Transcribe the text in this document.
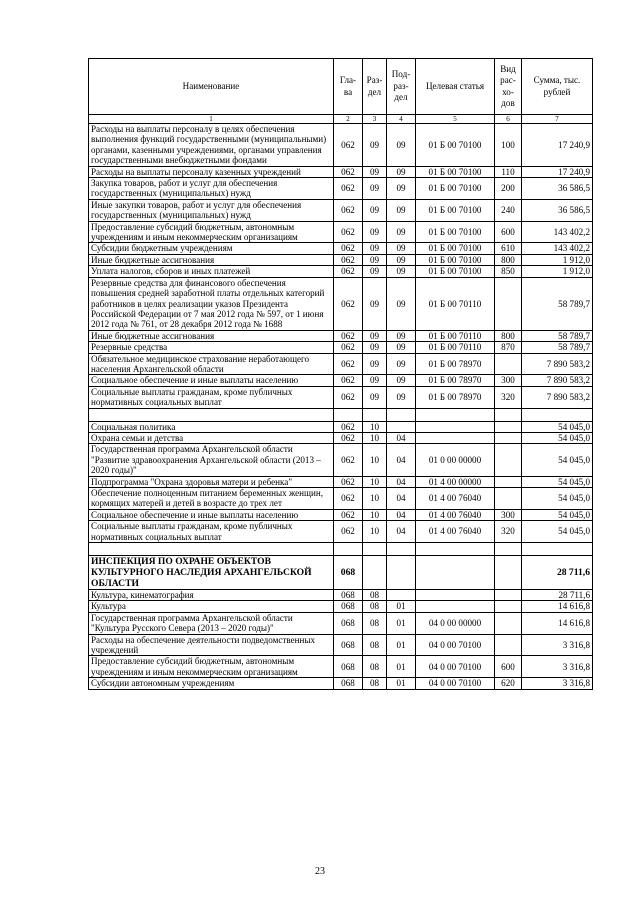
Наименование	Гла-ва	Раз-дел	Под-раз-дел	Целевая статья	Вид рас-хо-дов	Сумма, тыс. рублей
1	2	3	4	5	6	7
Расходы на выплаты персоналу в целях обеспечения выполнения функций государственными (муниципальными) органами, казенными учреждениями, органами управления государственными внебюджетными фондами	062	09	09	01 Б 00 70100	100	17 240,9
Расходы на выплаты персоналу казенных учреждений	062	09	09	01 Б 00 70100	110	17 240,9
Закупка товаров, работ и услуг для обеспечения государственных (муниципальных) нужд	062	09	09	01 Б 00 70100	200	36 586,5
Иные закупки товаров, работ и услуг для обеспечения государственных (муниципальных) нужд	062	09	09	01 Б 00 70100	240	36 586,5
Предоставление субсидий бюджетным, автономным учреждениям и иным некоммерческим организациям	062	09	09	01 Б 00 70100	600	143 402,2
Субсидии бюджетным учреждениям	062	09	09	01 Б 00 70100	610	143 402,2
Иные бюджетные ассигнования	062	09	09	01 Б 00 70100	800	1 912,0
Уплата налогов, сборов и иных платежей	062	09	09	01 Б 00 70100	850	1 912,0
Резервные средства для финансового обеспечения повышения средней заработной платы отдельных категорий работников в целях реализации указов Президента Российской Федерации от 7 мая 2012 года № 597, от 1 июня 2012 года № 761, от 28 декабря 2012 года № 1688	062	09	09	01 Б 00 70110		58 789,7
Иные бюджетные ассигнования	062	09	09	01 Б 00 70110	800	58 789,7
Резервные средства	062	09	09	01 Б 00 70110	870	58 789,7
Обязательное медицинское страхование неработающего населения Архангельской области	062	09	09	01 Б 00 78970		7 890 583,2
Социальное обеспечение и иные выплаты населению	062	09	09	01 Б 00 78970	300	7 890 583,2
Социальные выплаты гражданам, кроме публичных нормативных социальных выплат	062	09	09	01 Б 00 78970	320	7 890 583,2

Социальная политика	062	10				54 045,0
Охрана семьи и детства	062	10	04			54 045,0
Государственная программа Архангельской области "Развитие здравоохранения Архангельской области (2013 – 2020 годы)"	062	10	04	01 0 00 00000		54 045,0
Подпрограмма "Охрана здоровья матери и ребенка"	062	10	04	01 4 00 00000		54 045,0
Обеспечение полноценным питанием беременных женщин, кормящих матерей и детей в возрасте до трех лет	062	10	04	01 4 00 76040		54 045,0
Социальное обеспечение и иные выплаты населению	062	10	04	01 4 00 76040	300	54 045,0
Социальные выплаты гражданам, кроме публичных нормативных социальных выплат	062	10	04	01 4 00 76040	320	54 045,0

ИНСПЕКЦИЯ ПО ОХРАНЕ ОБЪЕКТОВ КУЛЬТУРНОГО НАСЛЕДИЯ АРХАНГЕЛЬСКОЙ ОБЛАСТИ	068					28 711,6
Культура, кинематография	068	08				28 711,6
Культура	068	08	01			14 616,8
Государственная программа Архангельской области "Культура Русского Севера (2013 – 2020 годы)"	068	08	01	04 0 00 00000		14 616,8
Расходы на обеспечение деятельности подведомственных учреждений	068	08	01	04 0 00 70100		3 316,8
Предоставление субсидий бюджетным, автономным учреждениям и иным некоммерческим организациям	068	08	01	04 0 00 70100	600	3 316,8
Субсидии автономным учреждениям	068	08	01	04 0 00 70100	620	3 316,8
23
